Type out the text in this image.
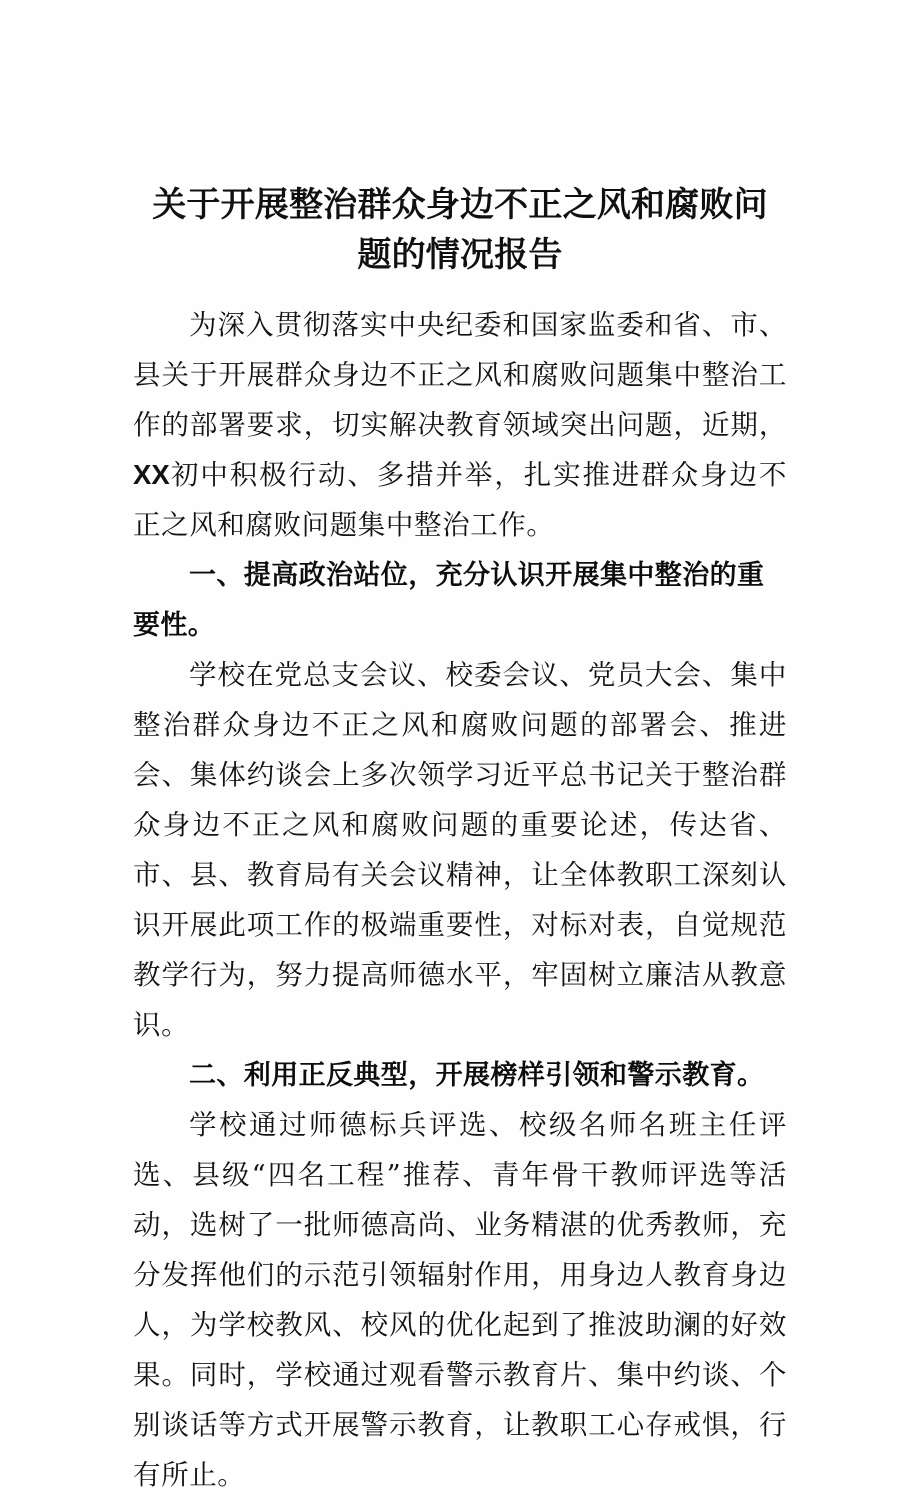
关于开展整治群众身边不正之风和腐败问
题的情况报告

为深入贯彻落实中央纪委和国家监委和省、市、县关于开展群众身边不正之风和腐败问题集中整治工作的部署要求，切实解决教育领域突出问题，近期，XX初中积极行动、多措并举，扎实推进群众身边不正之风和腐败问题集中整治工作。

一、提高政治站位，充分认识开展集中整治的重要性。

学校在党总支会议、校委会议、党员大会、集中整治群众身边不正之风和腐败问题的部署会、推进会、集体约谈会上多次领学习近平总书记关于整治群众身边不正之风和腐败问题的重要论述，传达省、市、县、教育局有关会议精神，让全体教职工深刻认识开展此项工作的极端重要性，对标对表，自觉规范教学行为，努力提高师德水平，牢固树立廉洁从教意识。

二、利用正反典型，开展榜样引领和警示教育。

学校通过师德标兵评选、校级名师名班主任评选、县级“四名工程”推荐、青年骨干教师评选等活动，选树了一批师德高尚、业务精湛的优秀教师，充分发挥他们的示范引领辐射作用，用身边人教育身边人，为学校教风、校风的优化起到了推波助澜的好效果。同时，学校通过观看警示教育片、集中约谈、个别谈话等方式开展警示教育，让教职工心存戒惧，行有所止。
